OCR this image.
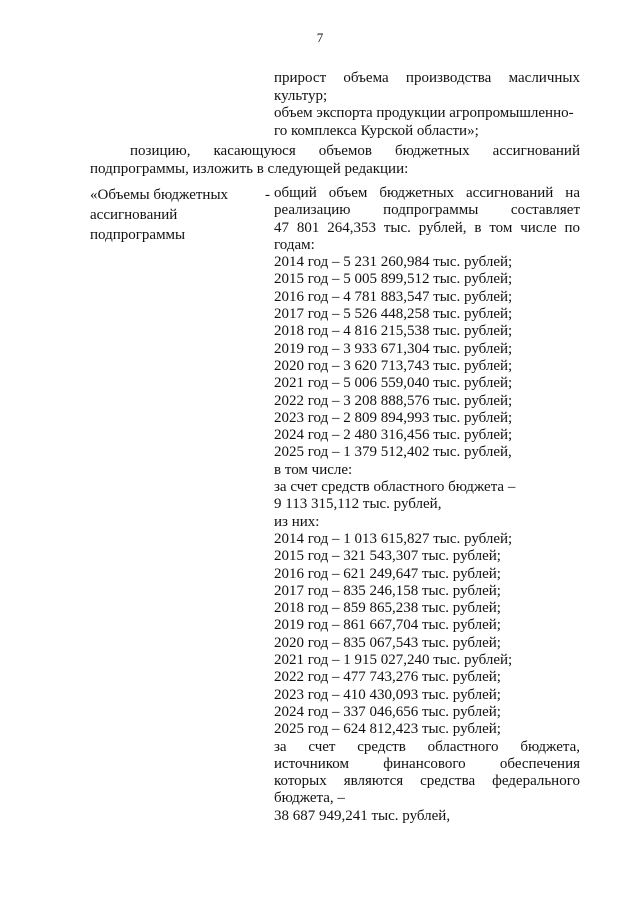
7
прирост объема производства масличных
культур;
объем экспорта продукции агропромышленно-
го комплекса Курской области»;
позицию, касающуюся объемов бюджетных ассигнований
подпрограммы, изложить в следующей редакции:
«Объемы бюджетных -
ассигнований
подпрограммы
общий объем бюджетных ассигнований на
реализацию подпрограммы составляет
47 801 264,353 тыс. рублей, в том числе по
годам:
2014 год – 5 231 260,984 тыс. рублей;
2015 год – 5 005 899,512 тыс. рублей;
2016 год – 4 781 883,547 тыс. рублей;
2017 год – 5 526 448,258 тыс. рублей;
2018 год – 4 816 215,538 тыс. рублей;
2019 год – 3 933 671,304 тыс. рублей;
2020 год – 3 620 713,743 тыс. рублей;
2021 год – 5 006 559,040 тыс. рублей;
2022 год – 3 208 888,576 тыс. рублей;
2023 год – 2 809 894,993 тыс. рублей;
2024 год – 2 480 316,456 тыс. рублей;
2025 год – 1 379 512,402 тыс. рублей,
в том числе:
за счет средств областного бюджета –
9 113 315,112 тыс. рублей,
из них:
2014 год – 1 013 615,827 тыс. рублей;
2015 год – 321 543,307 тыс. рублей;
2016 год – 621 249,647 тыс. рублей;
2017 год – 835 246,158 тыс. рублей;
2018 год – 859 865,238 тыс. рублей;
2019 год – 861 667,704 тыс. рублей;
2020 год – 835 067,543 тыс. рублей;
2021 год – 1 915 027,240 тыс. рублей;
2022 год – 477 743,276 тыс. рублей;
2023 год – 410 430,093 тыс. рублей;
2024 год – 337 046,656 тыс. рублей;
2025 год – 624 812,423 тыс. рублей;
за счет средств областного бюджета,
источником финансового обеспечения
которых являются средства федерального
бюджета, –
38 687 949,241 тыс. рублей,
